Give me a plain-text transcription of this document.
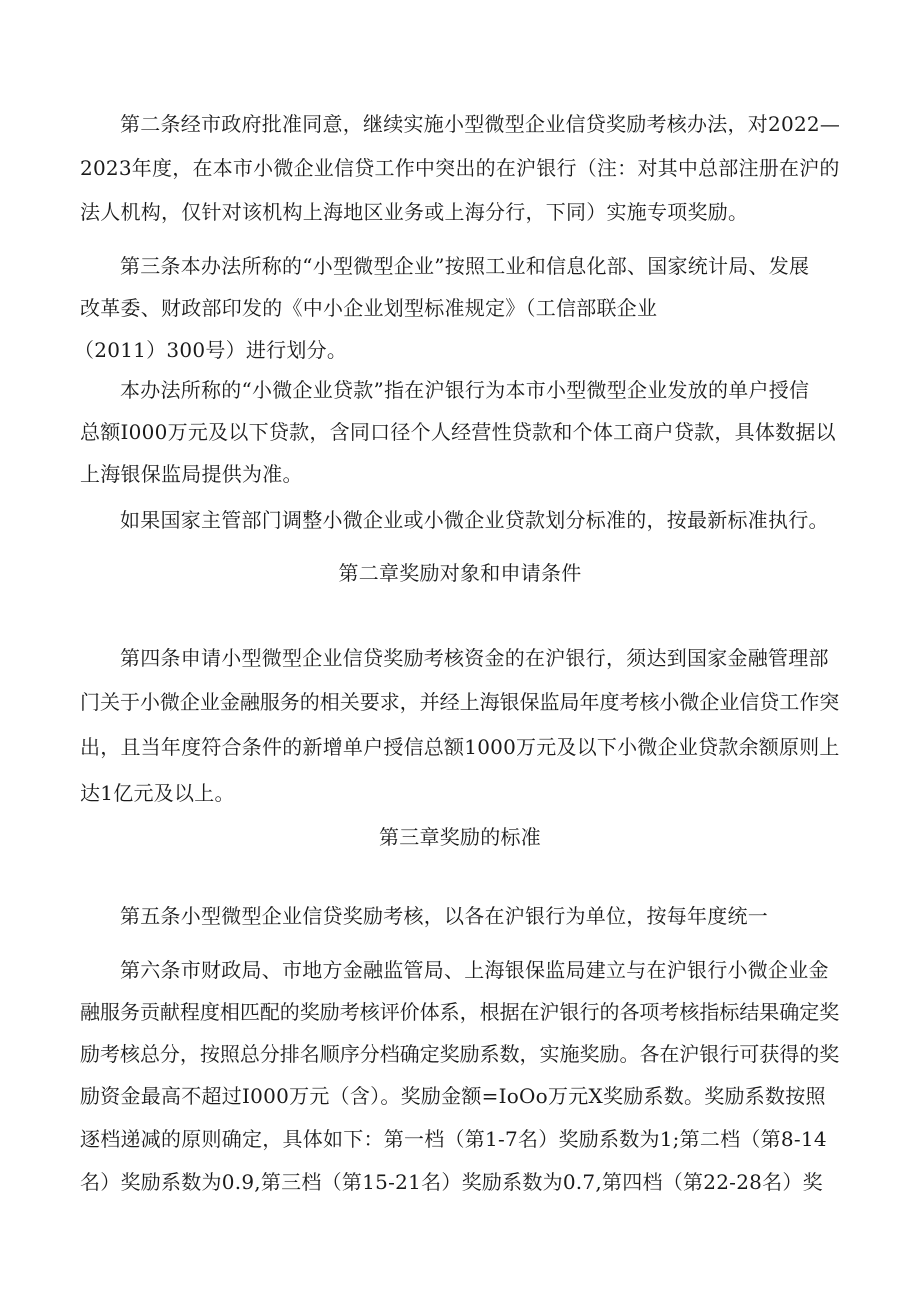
第二条经市政府批准同意，继续实施小型微型企业信贷奖励考核办法，对2022—
2023年度，在本市小微企业信贷工作中突出的在沪银行（注：对其中总部注册在沪的
法人机构，仅针对该机构上海地区业务或上海分行，下同）实施专项奖励。
第三条本办法所称的“小型微型企业”按照工业和信息化部、国家统计局、发展
改革委、财政部印发的《中小企业划型标准规定》（工信部联企业
（2011）300号）进行划分。
本办法所称的“小微企业贷款”指在沪银行为本市小型微型企业发放的单户授信
总额I000万元及以下贷款，含同口径个人经营性贷款和个体工商户贷款，具体数据以
上海银保监局提供为准。
如果国家主管部门调整小微企业或小微企业贷款划分标准的，按最新标准执行。
第二章奖励对象和申请条件
第四条申请小型微型企业信贷奖励考核资金的在沪银行，须达到国家金融管理部
门关于小微企业金融服务的相关要求，并经上海银保监局年度考核小微企业信贷工作突
出，且当年度符合条件的新增单户授信总额1000万元及以下小微企业贷款余额原则上
达1亿元及以上。
第三章奖励的标准
第五条小型微型企业信贷奖励考核，以各在沪银行为单位，按每年度统一
第六条市财政局、市地方金融监管局、上海银保监局建立与在沪银行小微企业金
融服务贡献程度相匹配的奖励考核评价体系，根据在沪银行的各项考核指标结果确定奖
励考核总分，按照总分排名顺序分档确定奖励系数，实施奖励。各在沪银行可获得的奖
励资金最高不超过I000万元（含）。奖励金额=IoOo万元X奖励系数。奖励系数按照
逐档递减的原则确定，具体如下：第一档（第1-7名）奖励系数为1;第二档（第8-14
名）奖励系数为0.9,第三档（第15-21名）奖励系数为0.7,第四档（第22-28名）奖
